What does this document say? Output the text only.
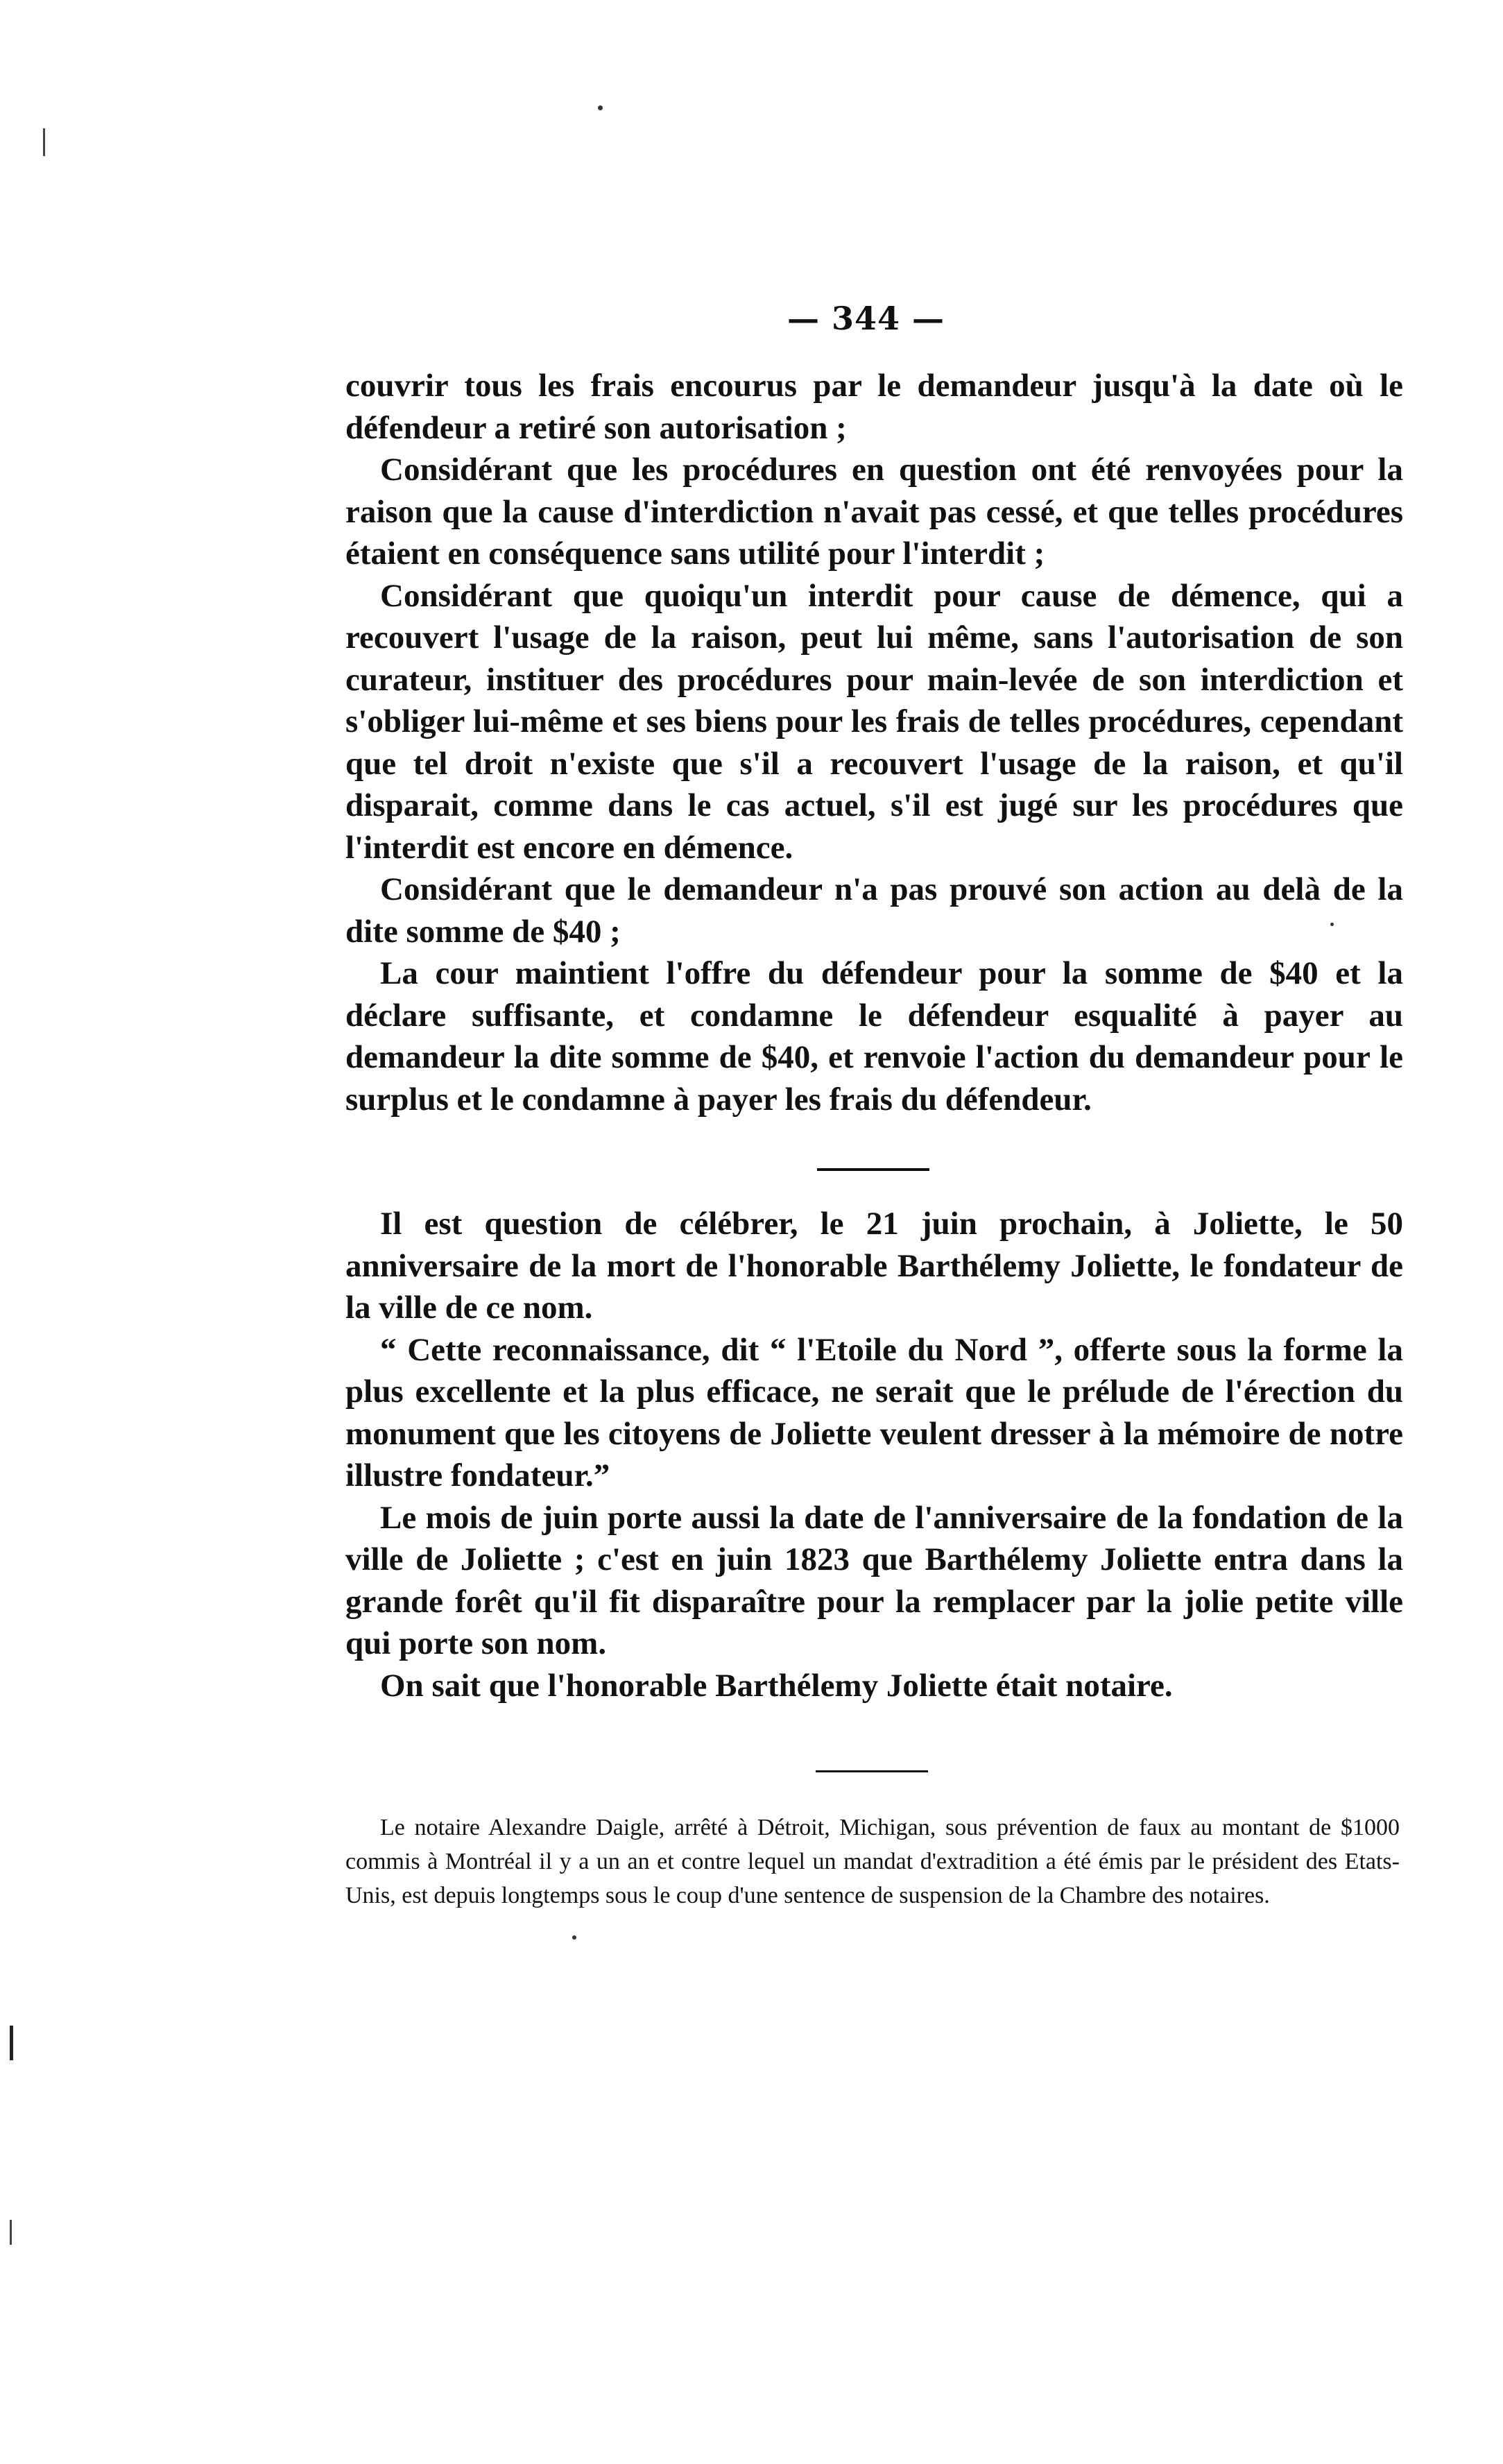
— 344 —

couvrir tous les frais encourus par le demandeur jusqu'à la date où le défendeur a retiré son autorisation ;

Considérant que les procédures en question ont été renvoyées pour la raison que la cause d'interdiction n'avait pas cessé, et que telles procédures étaient en conséquence sans utilité pour l'interdit ;

Considérant que quoiqu'un interdit pour cause de démence, qui a recouvert l'usage de la raison, peut lui même, sans l'autorisation de son curateur, instituer des procédures pour main-levée de son interdiction et s'obliger lui-même et ses biens pour les frais de telles procédures, cependant que tel droit n'existe que s'il a recouvert l'usage de la raison, et qu'il disparait, comme dans le cas actuel, s'il est jugé sur les procédures que l'interdit est encore en démence.

Considérant que le demandeur n'a pas prouvé son action au delà de la dite somme de $40 ;

La cour maintient l'offre du défendeur pour la somme de $40 et la déclare suffisante, et condamne le défendeur esqualité à payer au demandeur la dite somme de $40, et renvoie l'action du demandeur pour le surplus et le condamne à payer les frais du défendeur.

Il est question de célébrer, le 21 juin prochain, à Joliette, le 50 anniversaire de la mort de l'honorable Barthélemy Joliette, le fondateur de la ville de ce nom.

“ Cette reconnaissance, dit “ l'Etoile du Nord ”, offerte sous la forme la plus excellente et la plus efficace, ne serait que le prélude de l'érection du monument que les citoyens de Joliette veulent dresser à la mémoire de notre illustre fondateur.”

Le mois de juin porte aussi la date de l'anniversaire de la fondation de la ville de Joliette ; c'est en juin 1823 que Barthélemy Joliette entra dans la grande forêt qu'il fit disparaître pour la remplacer par la jolie petite ville qui porte son nom.

On sait que l'honorable Barthélemy Joliette était notaire.

Le notaire Alexandre Daigle, arrêté à Détroit, Michigan, sous prévention de faux au montant de $1000 commis à Montréal il y a un an et contre lequel un mandat d'extradition a été émis par le président des Etats-Unis, est depuis longtemps sous le coup d'une sentence de suspension de la Chambre des notaires.
